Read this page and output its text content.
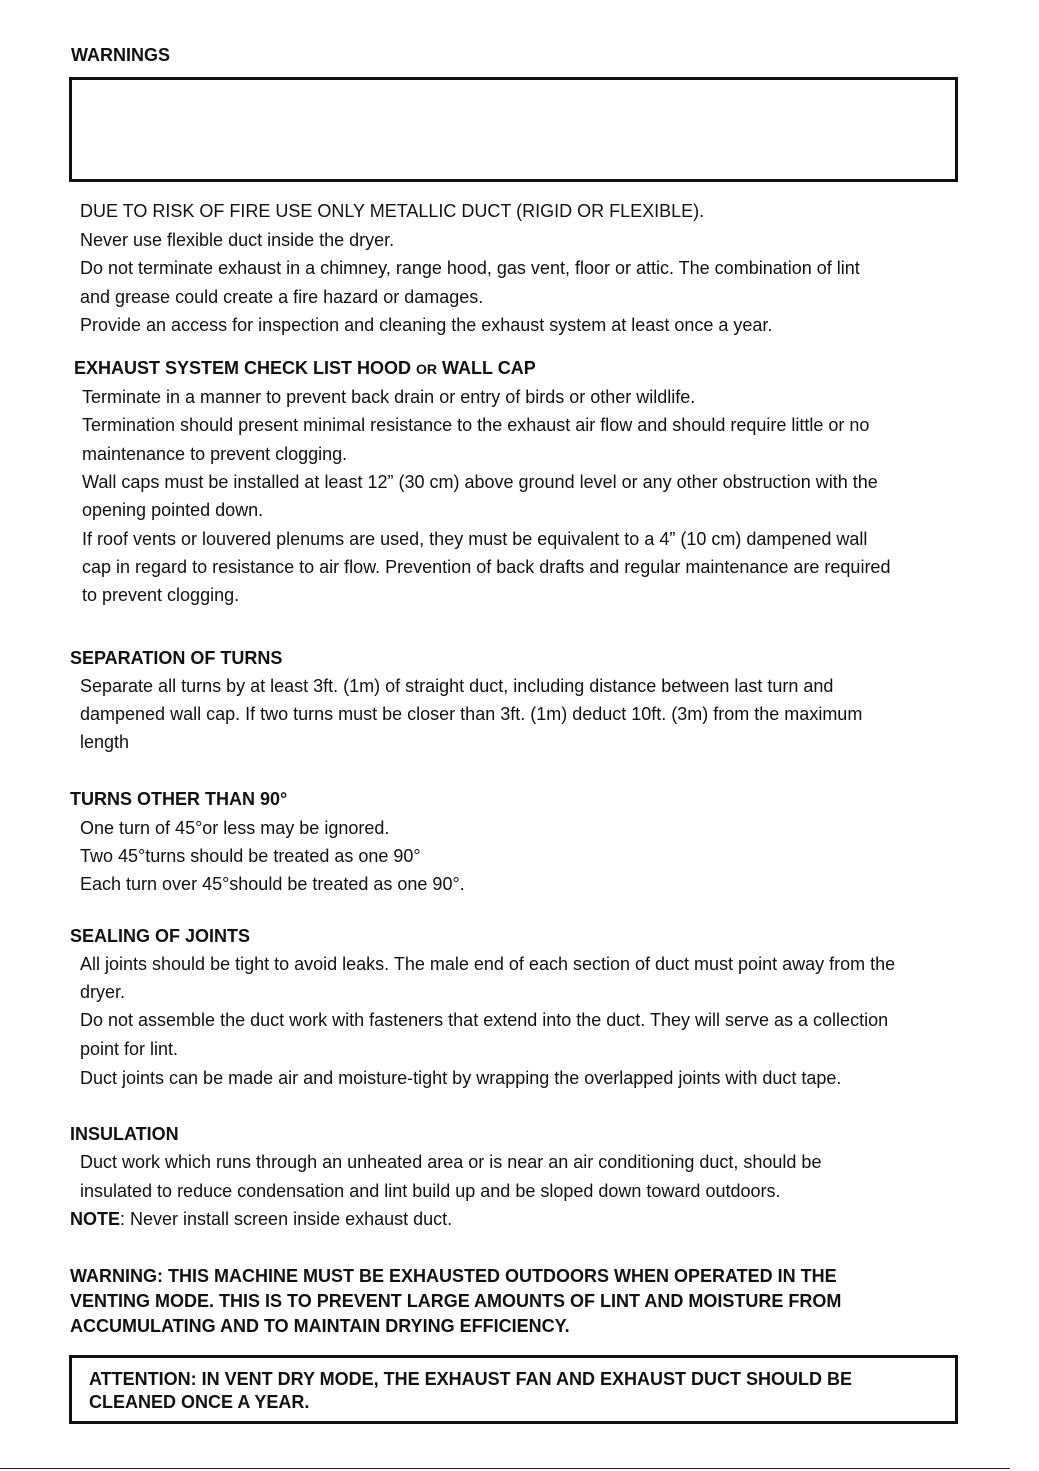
WARNINGS
DUE TO RISK OF FIRE USE ONLY METALLIC DUCT (RIGID OR FLEXIBLE).
Never use flexible duct inside the dryer.
Do not terminate exhaust in a chimney, range hood, gas vent, floor or attic. The combination of lint
and grease could create a fire hazard or damages.
Provide an access for inspection and cleaning the exhaust system at least once a year.
EXHAUST SYSTEM CHECK LIST HOOD OR WALL CAP
Terminate in a manner to prevent back drain or entry of birds or other wildlife.
Termination should present minimal resistance to the exhaust air flow and should require little or no
maintenance to prevent clogging.
Wall caps must be installed at least 12” (30 cm) above ground level or any other obstruction with the
opening pointed down.
If roof vents or louvered plenums are used, they must be equivalent to a 4” (10 cm) dampened wall
cap in regard to resistance to air flow. Prevention of back drafts and regular maintenance are required
to prevent clogging.
SEPARATION OF TURNS
Separate all turns by at least 3ft. (1m) of straight duct, including distance between last turn and
dampened wall cap. If two turns must be closer than 3ft. (1m) deduct 10ft. (3m) from the maximum
length
TURNS OTHER THAN 90°
One turn of 45°or less may be ignored.
Two 45°turns should be treated as one 90°
Each turn over 45°should be treated as one 90°.
SEALING OF JOINTS
All joints should be tight to avoid leaks. The male end of each section of duct must point away from the
dryer.
Do not assemble the duct work with fasteners that extend into the duct. They will serve as a collection
point for lint.
Duct joints can be made air and moisture-tight by wrapping the overlapped joints with duct tape.
INSULATION
Duct work which runs through an unheated area or is near an air conditioning duct, should be
insulated to reduce condensation and lint build up and be sloped down toward outdoors.
NOTE: Never install screen inside exhaust duct.
WARNING: THIS MACHINE MUST BE EXHAUSTED OUTDOORS WHEN OPERATED IN THE
VENTING MODE. THIS IS TO PREVENT LARGE AMOUNTS OF LINT AND MOISTURE FROM
ACCUMULATING AND TO MAINTAIN DRYING EFFICIENCY.
ATTENTION: IN VENT DRY MODE, THE EXHAUST FAN AND EXHAUST DUCT SHOULD BE
CLEANED ONCE A YEAR.
